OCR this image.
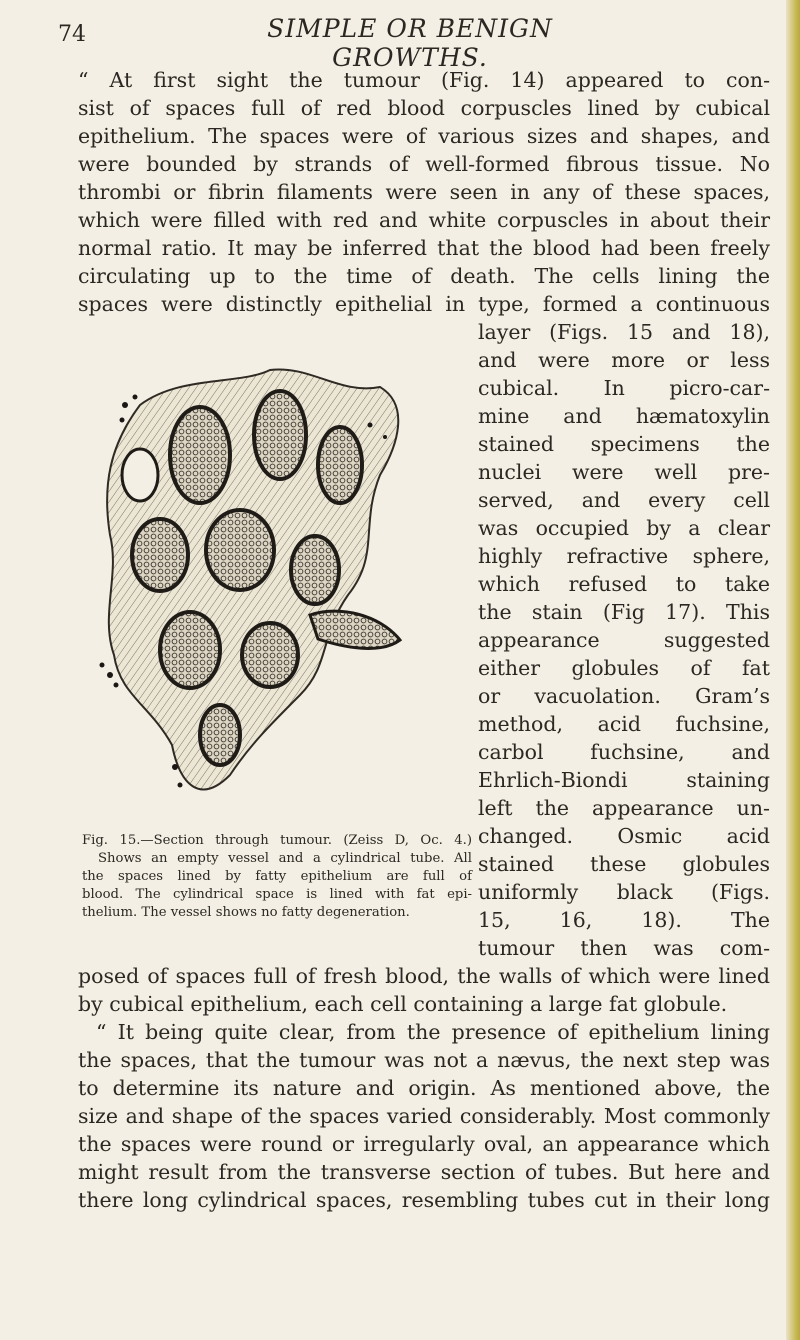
74	SIMPLE OR BENIGN GROWTHS.
“ At first sight the tumour (Fig. 14) appeared to con-
sist of spaces full of red blood corpuscles lined by cubical
epithelium. The spaces were of various sizes and shapes, and
were bounded by strands of well-formed fibrous tissue. No
thrombi or fibrin filaments were seen in any of these spaces,
which were filled with red and white corpuscles in about their
normal ratio. It may be inferred that the blood had been freely
circulating up to the time of death. The cells lining the
spaces were distinctly epithelial in type, formed a continuous
layer (Figs. 15 and 18),
and were more or less
cubical. In picro-car-
mine and hæmatoxylin
stained specimens the
nuclei were well pre-
served, and every cell
was occupied by a clear
highly refractive sphere,
which refused to take
the stain (Fig 17). This
appearance suggested
either globules of fat
or vacuolation. Gram’s
method, acid fuchsine,
carbol fuchsine, and
Ehrlich-Biondi staining
left the appearance un-
changed. Osmic acid
stained these globules
uniformly black (Figs.
15, 16, 18). The
tumour then was com-
Fig. 15.—Section through tumour. (Zeiss D, Oc. 4.)
Shows an empty vessel and a cylindrical tube. All
the spaces lined by fatty epithelium are full of
blood. The cylindrical space is lined with fat epi-
thelium. The vessel shows no fatty degeneration.
posed of spaces full of fresh blood, the walls of which were lined
by cubical epithelium, each cell containing a large fat globule.
“ It being quite clear, from the presence of epithelium lining
the spaces, that the tumour was not a nævus, the next step was
to determine its nature and origin. As mentioned above, the
size and shape of the spaces varied considerably. Most commonly
the spaces were round or irregularly oval, an appearance which
might result from the transverse section of tubes. But here and
there long cylindrical spaces, resembling tubes cut in their long
